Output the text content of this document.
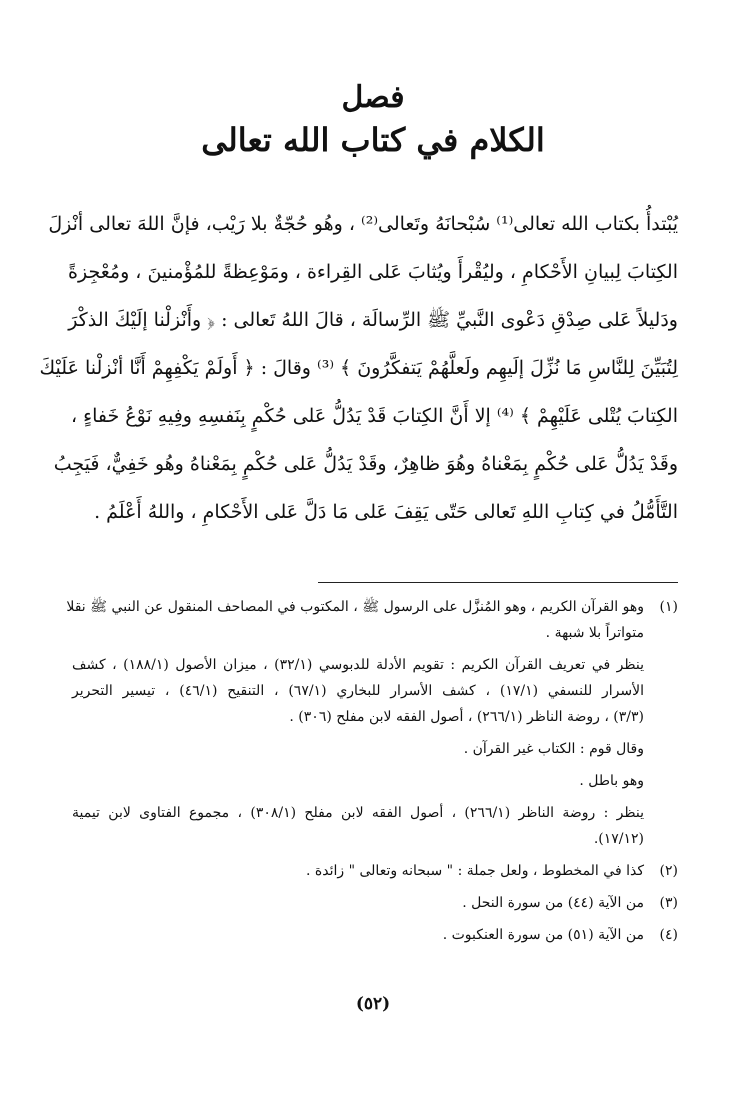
فصل
الكلام في كتاب الله تعالى
يُبْتدأُ بكتاب الله تعالى⁽¹⁾ سُبْحانَهُ وتَعالى⁽²⁾ ، وهُو حُجّةٌ بلا رَيْب، فإنَّ اللهَ تعالى أنْزلَ
الكِتابَ لِبيانِ الأَحْكامِ ، وليُقْرأَ ويُثابَ عَلى القِراءة ، ومَوْعِظةً للمُؤْمنينَ ، ومُعْجِزةً
ودَليلاً عَلى صِدْقِ دَعْوى النَّبيِّ ﷺ الرِّسالَة ، قالَ اللهُ تَعالى : ﴿ وأَنْزلْنا إلَيْكَ الذكْرَ
لِتُبَيِّنَ لِلنَّاسِ مَا نُزِّلَ إلَيهِم ولَعلَّهُمْ يَتفكَّرُونَ ﴾ ⁽³⁾ وقالَ : ﴿ أَولَمْ يَكْفِهِمْ أَنَّا أنْزلْنا عَلَيْكَ
الكِتابَ يُتْلى عَلَيْهِمْ ﴾ ⁽⁴⁾ إلا أَنَّ الكِتابَ قَدْ يَدُلُّ عَلى حُكْمٍ بِنَفسِهِ وفِيهِ نَوْعُ خَفاءٍ ،
وقَدْ يَدُلُّ عَلى حُكْمٍ بِمَعْناهُ وهُوَ ظاهِرٌ، وقَدْ يَدُلُّ عَلى حُكْمٍ بِمَعْناهُ وهُو خَفِيٌّ، فَيَجِبُ
التَّأَمُّلُ في كِتابِ اللهِ تَعالى حَتّى يَقِفَ عَلى مَا دَلَّ عَلى الأَحْكامِ ، واللهُ أَعْلَمُ .
(١)وهو القرآن الكريم ، وهو المُنزَّل على الرسول ﷺ ، المكتوب في المصاحف المنقول عن النبي ﷺ نقلا
متواتراً بلا شبهة .
ينظر في تعريف القرآن الكريم : تقويم الأدلة للدبوسي (٣٢/١) ، ميزان الأصول (١٨٨/١) ، كشف
الأسرار للنسفي (١٧/١) ، كشف الأسرار للبخاري (٦٧/١) ، التنقيح (٤٦/١) ، تيسير التحرير
(٣/٣) ، روضة الناظر (٢٦٦/١) ، أصول الفقه لابن مفلح (٣٠٦) .
وقال قوم : الكتاب غير القرآن .
وهو باطل .
ينظر : روضة الناظر (٢٦٦/١) ، أصول الفقه لابن مفلح (٣٠٨/١) ، مجموع الفتاوى لابن تيمية
(١٧/١٢).
(٢)كذا في المخطوط ، ولعل جملة : " سبحانه وتعالى " زائدة .
(٣)من الآية (٤٤) من سورة النحل .
(٤)من الآية (٥١) من سورة العنكبوت .
(٥٢)
